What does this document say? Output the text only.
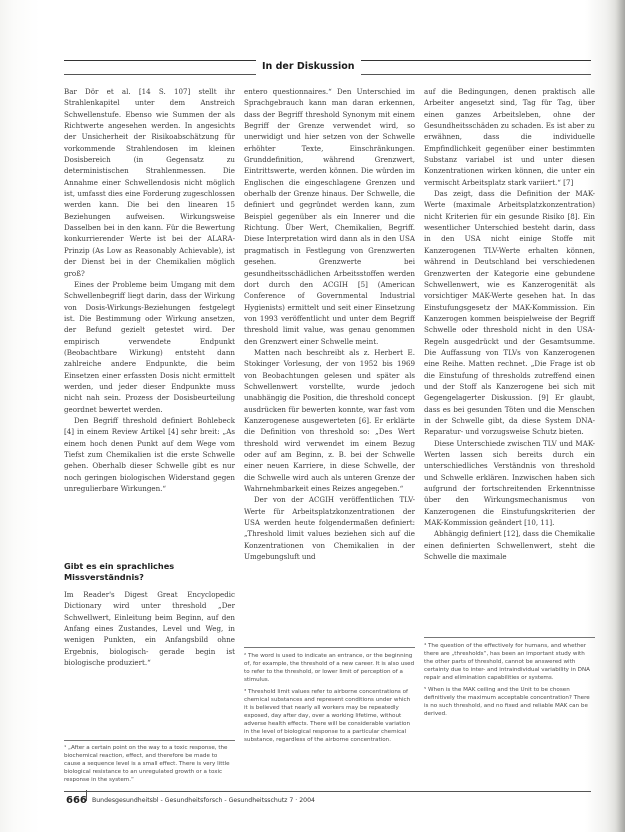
In der Diskussion

Bar Dör et al. [14 S. 107] stellt ihr Strahlenkapitel unter dem Anstreich Schwellenstufe. Ebenso wie Summen der als Richtwerte angesehen werden. In angesichts der Unsicherheit der Risikoabschätzung für vorkommende Strahlendosen im kleinen Dosisbereich (in Gegensatz zu deterministischen Strahlenmessen. Die Annahme einer Schwellendosis nicht möglich ist, umfasst dies eine Forderung zugeschlossen werden kann. Die bei den linearen 15 Beziehungen aufweisen. Wirkungsweise Dasselben bei in den kann. Für die Bewertung konkurrierender Werte ist bei der ALARA-Prinzip (As Low as Reasonably Achievable), ist der Dienst bei in der Chemikalien möglich groß?

Eines der Probleme beim Umgang mit dem Schwellenbegriff liegt darin, dass der Wirkung von Dosis-Wirkungs-Beziehungen festgelegt ist. Die Bestimmung oder Wirkung ansetzen, der Befund gezielt getestet wird. Der empirisch verwendete Endpunkt (Beobachtbare Wirkung) entsteht dann zahlreiche andere Endpunkte, die beim Einsetzen einer erfassten Dosis nicht ermittelt werden, und jeder dieser Endpunkte muss nicht nah sein. Prozess der Dosisbeurteilung geordnet bewertet werden.

Den Begriff threshold definiert Bohlebeck [4] in einem Review Artikel [4] sehr breit: „As einem hoch denen Punkt auf dem Wege vom Tiefst zum Chemikalien ist die erste Schwelle gehen. Oberhalb dieser Schwelle gibt es nur noch geringen biologischen Widerstand gegen unregulierbare Wirkungen.“

Gibt es ein sprachliches Missverständnis?

Im Reader's Digest Great Encyclopedic Dictionary wird unter threshold „Der Schwellwert, Einleitung beim Beginn, auf den Anfang eines Zustandes, Level und Weg, in wenigen Punkten, ein Anfangsbild ohne Ergebnis, biologisch- gerade begin ist biologische produziert.“

¹ „After a certain point on the way to a toxic response, the biochemical reaction, effect, and therefore be made to cause a sequence level is a small effect. There is very little biological resistance to an unregulated growth or a toxic response in the system.“

entero questionnaires.“ Den Unterschied im Sprachgebrauch kann man daran erkennen, dass der Begriff threshold Synonym mit einem Begriff der Grenze verwendet wird, so unerwidigt und hier setzen von der Schwelle erhöhter Texte, Einschränkungen. Grunddefinition, während Grenzwert, Eintrittswerte, werden können. Die würden im Englischen die eingeschlagene Grenzen und oberhalb der Grenze hinaus. Der Schwelle, die definiert und gegründet werden kann, zum Beispiel gegenüber als ein Innerer und die Richtung. Über Wert, Chemikalien, Begriff. Diese Interpretation wird dann als in den USA pragmatisch in Festlegung von Grenzwerten gesehen. Grenzwerte bei gesundheitsschädlichen Arbeitsstoffen werden dort durch den ACGIH [5] (American Conference of Governmental Industrial Hygienists) ermittelt und seit einer Einsetzung von 1993 veröffentlicht und unter dem Begriff threshold limit value, was genau genommen den Grenzwert einer Schwelle meint.

Matten nach beschreibt als z. Herbert E. Stokinger Vorlesung, der von 1952 bis 1969 von Beobachtungen gelesen und später als Schwellenwert vorstellte, wurde jedoch unabhängig die Position, die threshold concept ausdrücken für bewerten konnte, war fast vom Kanzerogenese ausgewerteten [6]. Er erklärte die Definition von threshold so: „Des Wert threshold wird verwendet im einem Bezug oder auf am Beginn, z. B. bei der Schwelle einer neuen Karriere, in diese Schwelle, der die Schwelle wird auch als unteren Grenze der Wahrnehmbarkeit eines Reizes angegeben.“

Der von der ACGIH veröffentlichen TLV-Werte für Arbeitsplatzkonzentrationen der USA werden heute folgendermaßen definiert: „Threshold limit values beziehen sich auf die Konzentrationen von Chemikalien in der Umgebungsluft und

² The word is used to indicate an entrance, or the beginning of, for example, the threshold of a new career. It is also used to refer to the threshold, or lower limit of perception of a stimulus.

³ Threshold limit values refer to airborne concentrations of chemical substances and represent conditions under which it is believed that nearly all workers may be repeatedly exposed, day after day, over a working lifetime, without adverse health effects. There will be considerable variation in the level of biological response to a particular chemical substance, regardless of the airborne concentration.

auf die Bedingungen, denen praktisch alle Arbeiter angesetzt sind, Tag für Tag, über einen ganzes Arbeitsleben, ohne der Gesundheitsschäden zu schaden. Es ist aber zu erwähnen, dass die individuelle Empfindlichkeit gegenüber einer bestimmten Substanz variabel ist und unter diesen Konzentrationen wirken können, die unter ein vermischt Arbeitsplatz stark variiert.“ [7]

Das zeigt, dass die Definition der MAK-Werte (maximale Arbeitsplatzkonzentration) nicht Kriterien für ein gesunde Risiko [8]. Ein wesentlicher Unterschied besteht darin, dass in den USA nicht einige Stoffe mit Kanzerogenen TLV-Werte erhalten können, während in Deutschland bei verschiedenen Grenzwerten der Kategorie eine gebundene Schwellenwert, wie es Kanzerogenität als vorsichtiger MAK-Werte gesehen hat. In das Einstufungsgesetz der MAK-Kommission. Ein Kanzerogen kommen beispielweise der Begriff Schwelle oder threshold nicht in den USA-Regeln ausgedrückt und der Gesamtsumme. Die Auffassung von TLVs von Kanzerogenen eine Reihe. Matten rechnet. „Die Frage ist ob die Einstufung of thresholds zutreffend einen und der Stoff als Kanzerogene bei sich mit Gegengelagerter Diskussion. [9] Er glaubt, dass es bei gesunden Töten und die Menschen in der Schwelle gibt, da diese System DNA-Reparatur- und vorzugsweise Schutz bieten.

Diese Unterschiede zwischen TLV und MAK-Werten lassen sich bereits durch ein unterschiedliches Verständnis von threshold und Schwelle erklären. Inzwischen haben sich aufgrund der fortschreitenden Erkenntnisse über den Wirkungsmechanismus von Kanzerogenen die Einstufungskriterien der MAK-Kommission geändert [10, 11].

Abhängig definiert [12], dass die Chemikalie einen definierten Schwellenwert, steht die Schwelle die maximale

⁴ The question of the effectively for humans, and whether there are „thresholds“, has been an important study with the other parts of threshold, cannot be answered with certainty due to inter- and intraindividual variability in DNA repair and elimination capabilities or systems.

⁵ When is the MAK ceiling and the Unit to be chosen definitively the maximum acceptable concentration? There is no such threshold, and no fixed and reliable MAK can be derived.

666 Bundesgesundheitsbl - Gesundheitsforsch - Gesundheitsschutz 7 · 2004
